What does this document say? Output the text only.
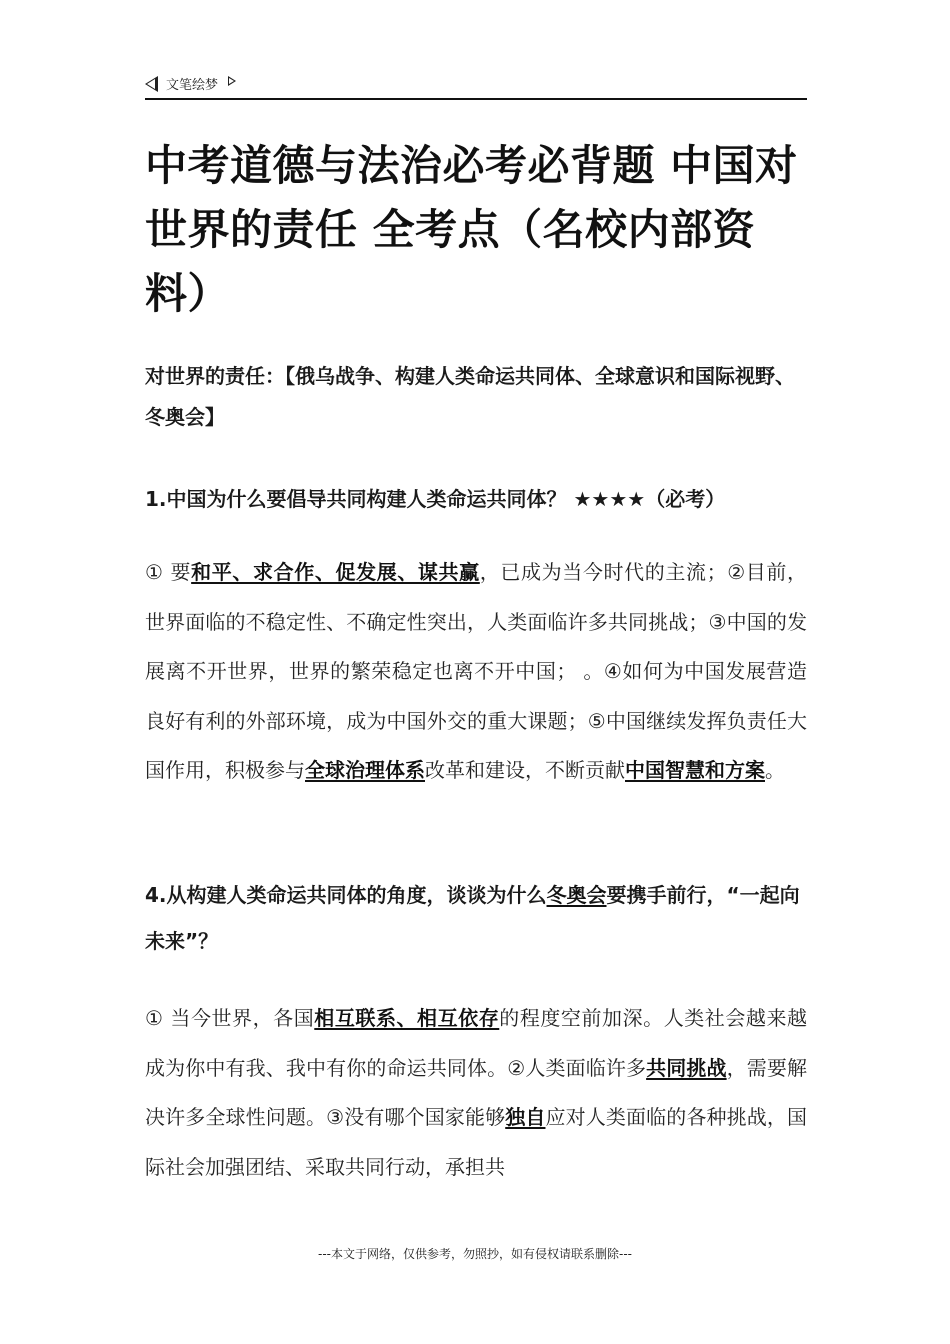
文笔绘梦
中考道德与法治必考必背题 中国对世界的责任 全考点（名校内部资料）

对世界的责任：【俄乌战争、构建人类命运共同体、全球意识和国际视野、冬奥会】

1.中国为什么要倡导共同构建人类命运共同体？ ★★★★（必考）

① 要和平、求合作、促发展、谋共赢，已成为当今时代的主流；②目前，世界面临的不稳定性、不确定性突出，人类面临许多共同挑战；③中国的发展离不开世界，世界的繁荣稳定也离不开中国； 。④如何为中国发展营造良好有利的外部环境，成为中国外交的重大课题；⑤中国继续发挥负责任大国作用，积极参与全球治理体系改革和建设，不断贡献中国智慧和方案。

4.从构建人类命运共同体的角度，谈谈为什么冬奥会要携手前行，“一起向未来”？

① 当今世界，各国相互联系、相互依存的程度空前加深。人类社会越来越成为你中有我、我中有你的命运共同体。②人类面临许多共同挑战，需要解决许多全球性问题。③没有哪个国家能够独自应对人类面临的各种挑战，国际社会加强团结、采取共同行动，承担共

---本文于网络，仅供参考，勿照抄，如有侵权请联系删除---
